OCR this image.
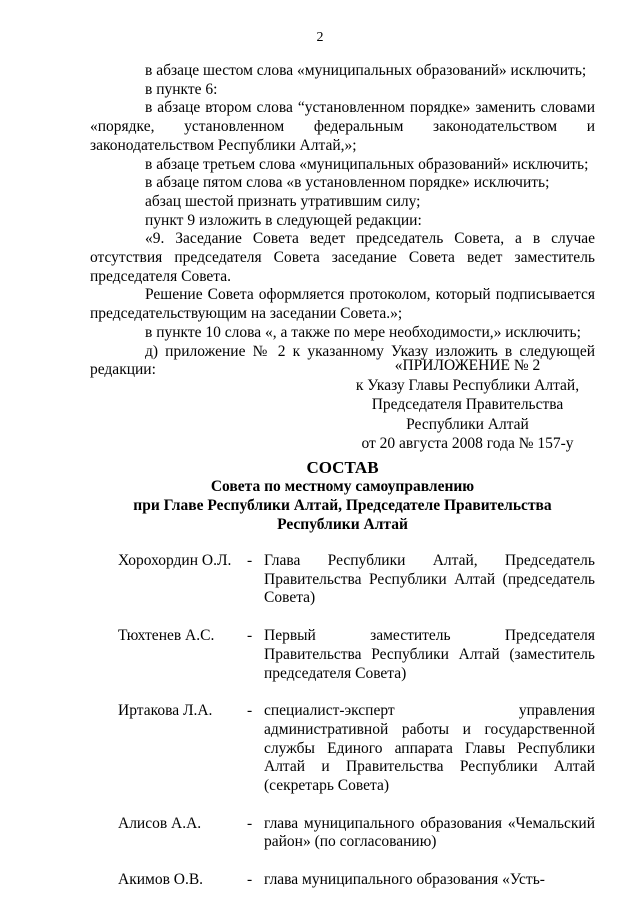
2

в абзаце шестом слова «муниципальных образований» исключить;

в пункте 6:

в абзаце втором слова “установленном порядке» заменить словами «порядке, установленном федеральным законодательством и законодательством Республики Алтай,»;

в абзаце третьем слова «муниципальных образований» исключить;

в абзаце пятом слова «в установленном порядке» исключить;

абзац шестой признать утратившим силу;

пункт 9 изложить в следующей редакции:

«9. Заседание Совета ведет председатель Совета, а в случае отсутствия председателя Совета заседание Совета ведет заместитель председателя Совета.

Решение Совета оформляется протоколом, который подписывается председательствующим на заседании Совета.»;

в пункте 10 слова «, а также по мере необходимости,» исключить;

д) приложение № 2 к указанному Указу изложить в следующей редакции:	«ПРИЛОЖЕНИЕ № 2
к Указу Главы Республики Алтай,
Председателя Правительства
Республики Алтай
от 20 августа 2008 года № 157-у
СОСТАВ
Совета по местному самоуправлению
при Главе Республики Алтай, Председателе Правительства
Республики Алтай
Хорохордин О.Л.	- Глава Республики Алтай, Председатель Правительства Республики Алтай (председатель Совета)
Тюхтенев А.С.	- Первый заместитель Председателя Правительства Республики Алтай (заместитель председателя Совета)
Иртакова Л.А.	- специалист-эксперт управления административной работы и государственной службы Единого аппарата Главы Республики Алтай и Правительства Республики Алтай (секретарь Совета)
Алисов А.А.	- глава муниципального образования «Чемальский район» (по согласованию)
Акимов О.В.	- глава муниципального образования «Усть-
